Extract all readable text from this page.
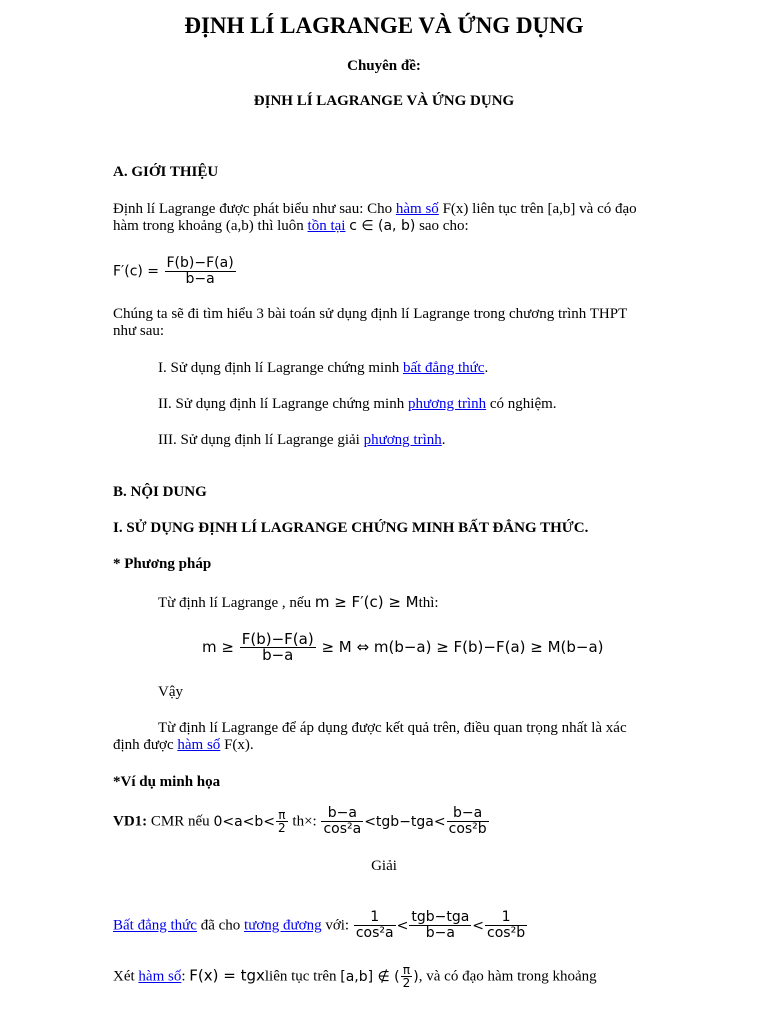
ĐỊNH LÍ LAGRANGE VÀ ỨNG DỤNG
Chuyên đề:
ĐỊNH LÍ LAGRANGE VÀ ỨNG DỤNG
A. GIỚI THIỆU
Định lí Lagrange được phát biểu như sau: Cho hàm số F(x) liên tục trên [a,b] và có đạo hàm trong khoảng (a,b) thì luôn tồn tại c ∈ (a, b) sao cho:
$F'(c) = \frac{F(b)-F(a)}{b-a}$
Chúng ta sẽ đi tìm hiểu 3 bài toán sử dụng định lí Lagrange trong chương trình THPT như sau:
I. Sử dụng định lí Lagrange chứng minh bất đẳng thức.
II. Sử dụng định lí Lagrange chứng minh phương trình có nghiệm.
III. Sử dụng định lí Lagrange giải phương trình.
B. NỘI DUNG
I. SỬ DỤNG ĐỊNH LÍ LAGRANGE CHỨNG MINH BẤT ĐẲNG THỨC.
* Phương pháp
Từ định lí Lagrange , nếu m ≥ F′(c) ≥ Mthì:
$m \ge \frac{F(b)-F(a)}{b-a} \ge M$ ⇔ m(b−a) ≥ F(b)−F(a) ≥ M(b−a)
Vậy
Từ định lí Lagrange để áp dụng được kết quả trên, điều quan trọng nhất là xác định được hàm số F(x).
*Ví dụ minh họa
VD1: CMR nếu $0<a<b< \frac{\pi}{2} th\times$: $\frac{b-a}{\text{cos²a}} <tgb-tga< \frac{b-a}{\text{cos²b}}$
Giải
Bất đẳng thức đã cho tương đương với: $\frac{1}{\text{cos²a}} < \frac{\text{tgb−tga}}{b-a} < \frac{1}{\text{cos²b}}$
Xét hàm số: F(x) = tgxliên tục trên [a,b] ∉ ( $\frac{\pi}{2}$ ), và có đạo hàm trong khoảng
